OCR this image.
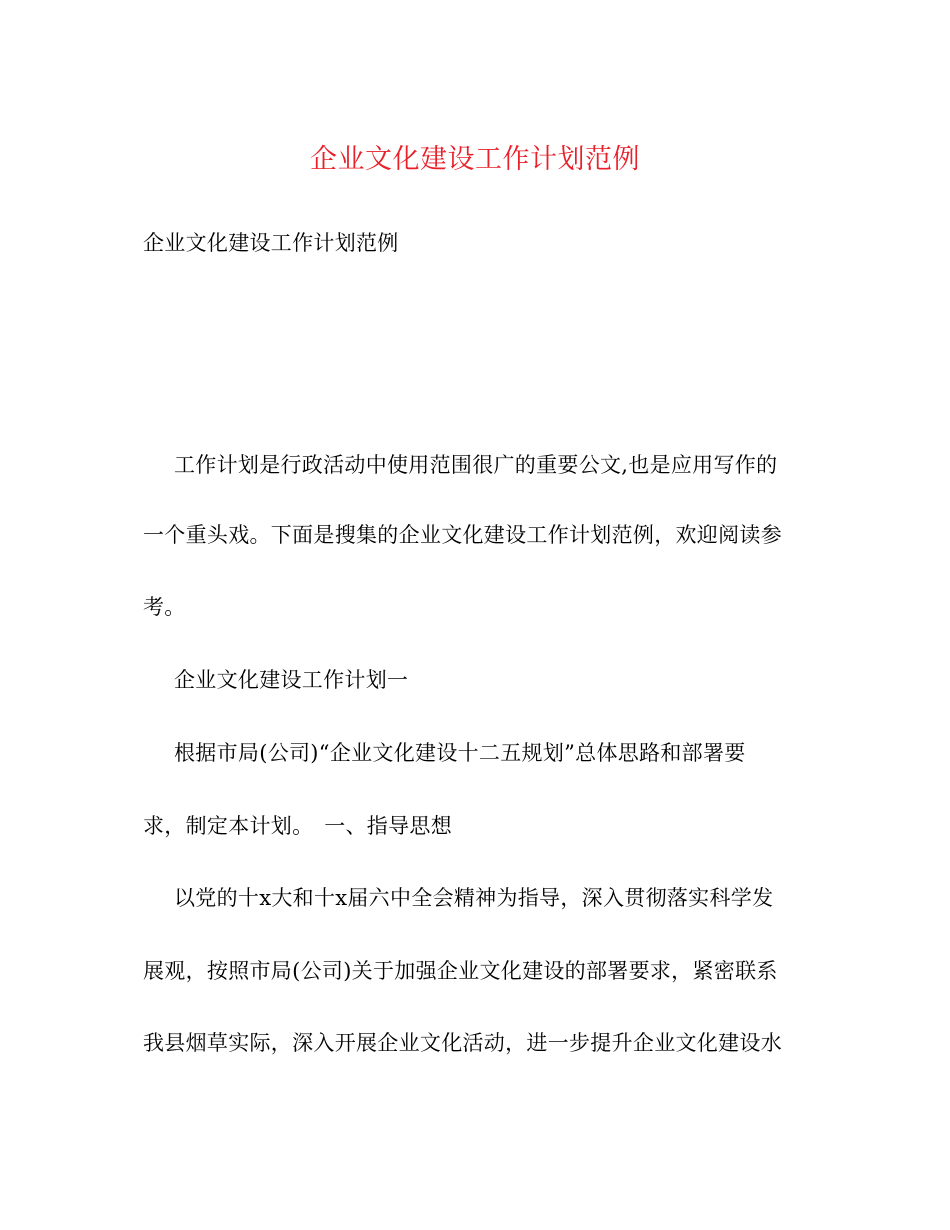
企业文化建设工作计划范例
企业文化建设工作计划范例
工作计划是行政活动中使用范围很广的重要公文,也是应用写作的
一个重头戏。下面是搜集的企业文化建设工作计划范例，欢迎阅读参
考。
企业文化建设工作计划一
根据市局(公司)“企业文化建设十二五规划”总体思路和部署要
求，制定本计划。　一、指导思想
以党的十x大和十x届六中全会精神为指导，深入贯彻落实科学发
展观，按照市局(公司)关于加强企业文化建设的部署要求，紧密联系
我县烟草实际，深入开展企业文化活动，进一步提升企业文化建设水
